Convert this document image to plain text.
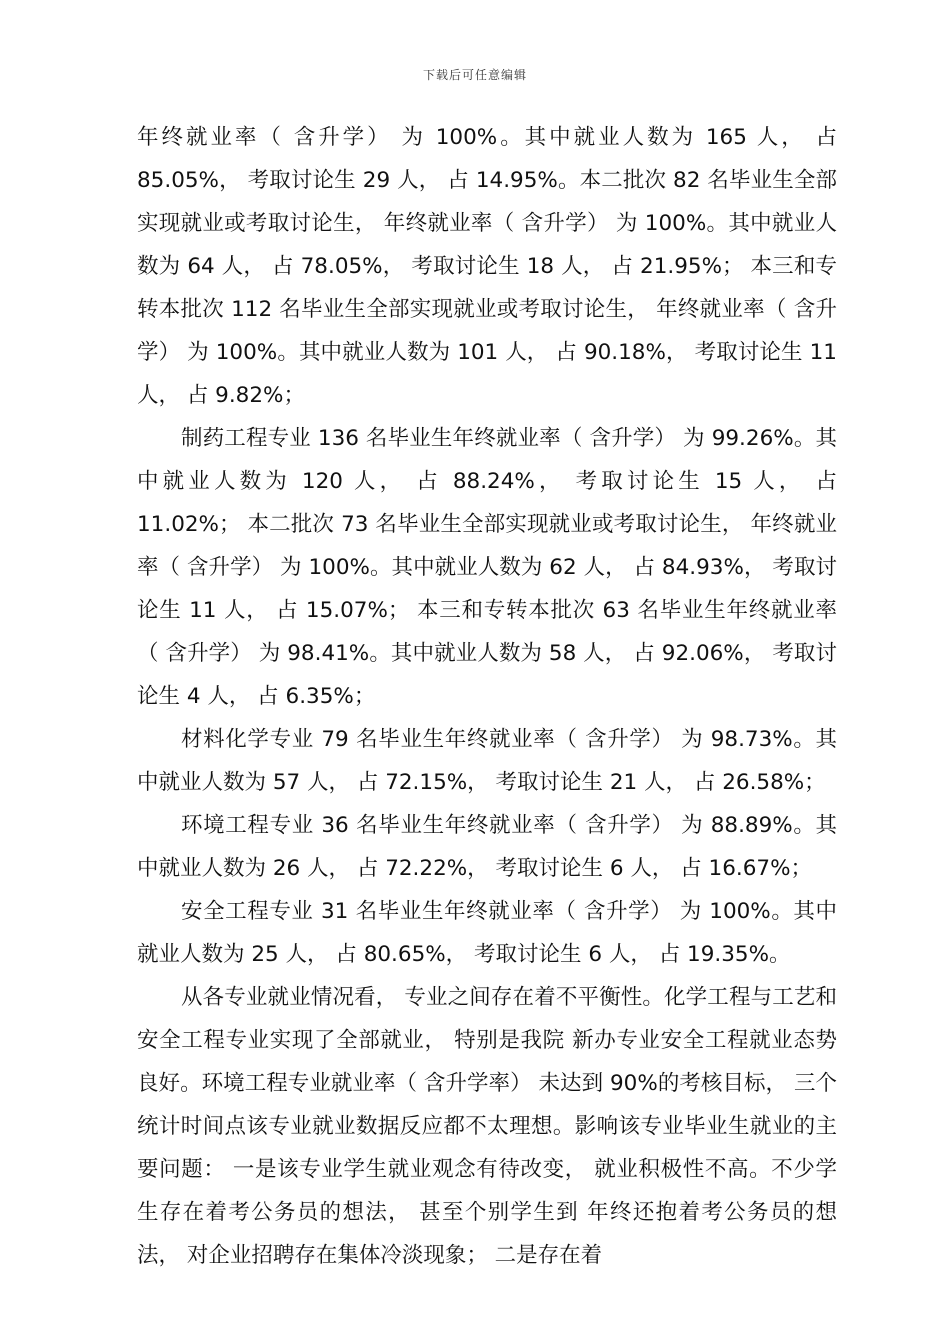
下载后可任意编辑

年终就业率（ 含升学） 为 100%。其中就业人数为 165 人， 占 85.05%， 考取讨论生 29 人， 占 14.95%。本二批次 82 名毕业生全部实现就业或考取讨论生， 年终就业率（ 含升学） 为 100%。其中就业人数为 64 人， 占 78.05%， 考取讨论生 18 人， 占 21.95%； 本三和专转本批次 112 名毕业生全部实现就业或考取讨论生， 年终就业率（ 含升学） 为 100%。其中就业人数为 101 人， 占 90.18%， 考取讨论生 11 人， 占 9.82%；

制药工程专业 136 名毕业生年终就业率（ 含升学） 为 99.26%。其中就业人数为 120 人， 占 88.24%， 考取讨论生 15 人， 占 11.02%； 本二批次 73 名毕业生全部实现就业或考取讨论生， 年终就业率（ 含升学） 为 100%。其中就业人数为 62 人， 占 84.93%， 考取讨论生 11 人， 占 15.07%； 本三和专转本批次 63 名毕业生年终就业率（ 含升学） 为 98.41%。其中就业人数为 58 人， 占 92.06%， 考取讨论生 4 人， 占 6.35%；

材料化学专业 79 名毕业生年终就业率（ 含升学） 为 98.73%。其中就业人数为 57 人， 占 72.15%， 考取讨论生 21 人， 占 26.58%；

环境工程专业 36 名毕业生年终就业率（ 含升学） 为 88.89%。其中就业人数为 26 人， 占 72.22%， 考取讨论生 6 人， 占 16.67%；

安全工程专业 31 名毕业生年终就业率（ 含升学） 为 100%。其中就业人数为 25 人， 占 80.65%， 考取讨论生 6 人， 占 19.35%。

从各专业就业情况看， 专业之间存在着不平衡性。化学工程与工艺和安全工程专业实现了全部就业， 特别是我院 新办专业安全工程就业态势良好。环境工程专业就业率（ 含升学率） 未达到 90%的考核目标， 三个统计时间点该专业就业数据反应都不太理想。影响该专业毕业生就业的主要问题： 一是该专业学生就业观念有待改变， 就业积极性不高。不少学生存在着考公务员的想法， 甚至个别学生到 年终还抱着考公务员的想法， 对企业招聘存在集体冷淡现象； 二是存在着
